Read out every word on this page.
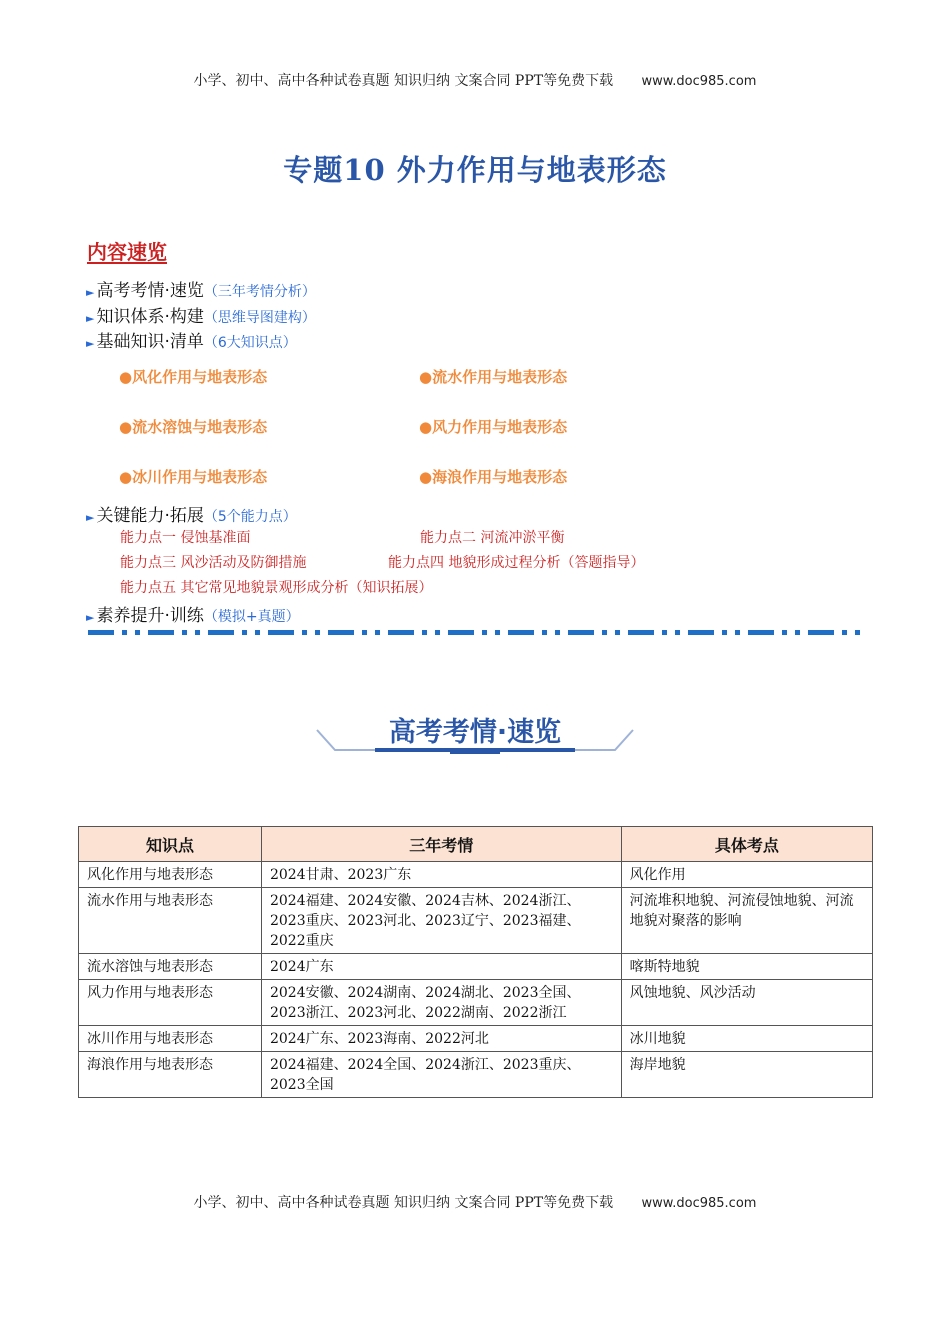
小学、初中、高中各种试卷真题 知识归纳 文案合同 PPT等免费下载 www.doc985.com
专题10 外力作用与地表形态
内容速览
► 高考考情·速览（三年考情分析）
► 知识体系·构建（思维导图建构）
► 基础知识·清单（6大知识点）
●风化作用与地表形态	●流水作用与地表形态
●流水溶蚀与地表形态	●风力作用与地表形态
●冰川作用与地表形态	●海浪作用与地表形态
► 关键能力·拓展（5个能力点）
能力点一 侵蚀基准面	能力点二 河流冲淤平衡
能力点三 风沙活动及防御措施	能力点四 地貌形成过程分析（答题指导）
能力点五 其它常见地貌景观形成分析（知识拓展）
► 素养提升·训练（模拟+真题）
高考考情·速览
知识点	三年考情	具体考点
风化作用与地表形态	2024甘肃、2023广东	风化作用
流水作用与地表形态	2024福建、2024安徽、2024吉林、2024浙江、2023重庆、2023河北、2023辽宁、2023福建、2022重庆	河流堆积地貌、河流侵蚀地貌、河流地貌对聚落的影响
流水溶蚀与地表形态	2024广东	喀斯特地貌
风力作用与地表形态	2024安徽、2024湖南、2024湖北、2023全国、2023浙江、2023河北、2022湖南、2022浙江	风蚀地貌、风沙活动
冰川作用与地表形态	2024广东、2023海南、2022河北	冰川地貌
海浪作用与地表形态	2024福建、2024全国、2024浙江、2023重庆、2023全国	海岸地貌
小学、初中、高中各种试卷真题 知识归纳 文案合同 PPT等免费下载 www.doc985.com
